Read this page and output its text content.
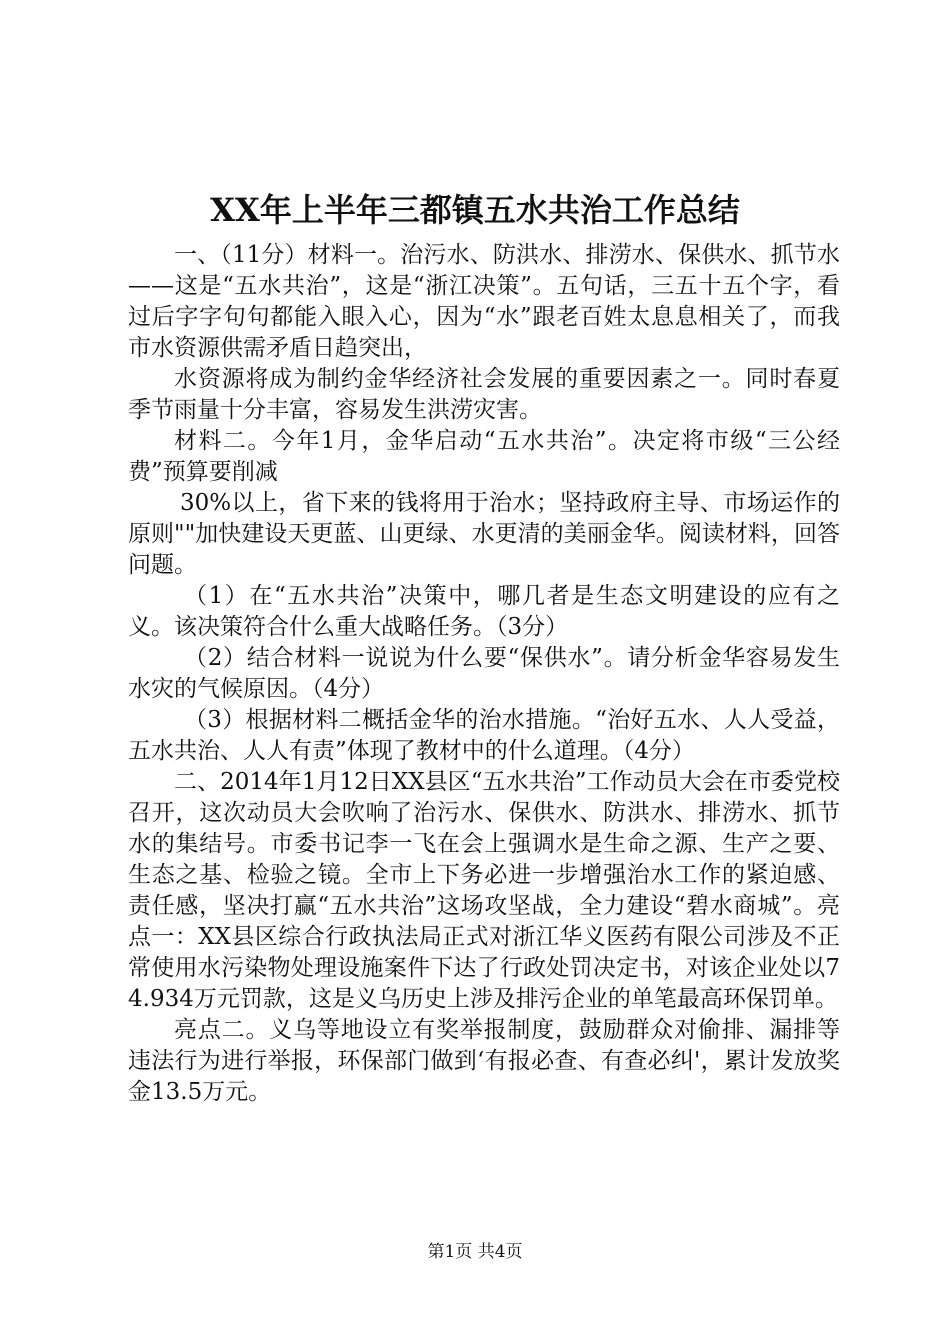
XX年上半年三都镇五水共治工作总结

一、（11分）材料一。治污水、防洪水、排涝水、保供水、抓节水——这是“五水共治”，这是“浙江决策”。五句话，三五十五个字，看过后字字句句都能入眼入心，因为“水”跟老百姓太息息相关了，而我市水资源供需矛盾日趋突出，

水资源将成为制约金华经济社会发展的重要因素之一。同时春夏季节雨量十分丰富，容易发生洪涝灾害。

材料二。今年1月，金华启动“五水共治”。决定将市级“三公经费”预算要削减

30%以上，省下来的钱将用于治水；坚持政府主导、市场运作的原则""加快建设天更蓝、山更绿、水更清的美丽金华。阅读材料，回答问题。

（1）在“五水共治”决策中，哪几者是生态文明建设的应有之义。该决策符合什么重大战略任务。（3分）

（2）结合材料一说说为什么要“保供水”。请分析金华容易发生水灾的气候原因。（4分）

（3）根据材料二概括金华的治水措施。“治好五水、人人受益，五水共治、人人有责”体现了教材中的什么道理。（4分）

二、2014年1月12日XX县区“五水共治”工作动员大会在市委党校召开，这次动员大会吹响了治污水、保供水、防洪水、排涝水、抓节水的集结号。市委书记李一飞在会上强调水是生命之源、生产之要、生态之基、检验之镜。全市上下务必进一步增强治水工作的紧迫感、责任感，坚决打赢“五水共治”这场攻坚战，全力建设“碧水商城”。亮点一：XX县区综合行政执法局正式对浙江华义医药有限公司涉及不正常使用水污染物处理设施案件下达了行政处罚决定书，对该企业处以74.934万元罚款，这是义乌历史上涉及排污企业的单笔最高环保罚单。

亮点二。义乌等地设立有奖举报制度，鼓励群众对偷排、漏排等违法行为进行举报，环保部门做到‘有报必查、有查必纠'，累计发放奖金13.5万元。

第1页 共4页
